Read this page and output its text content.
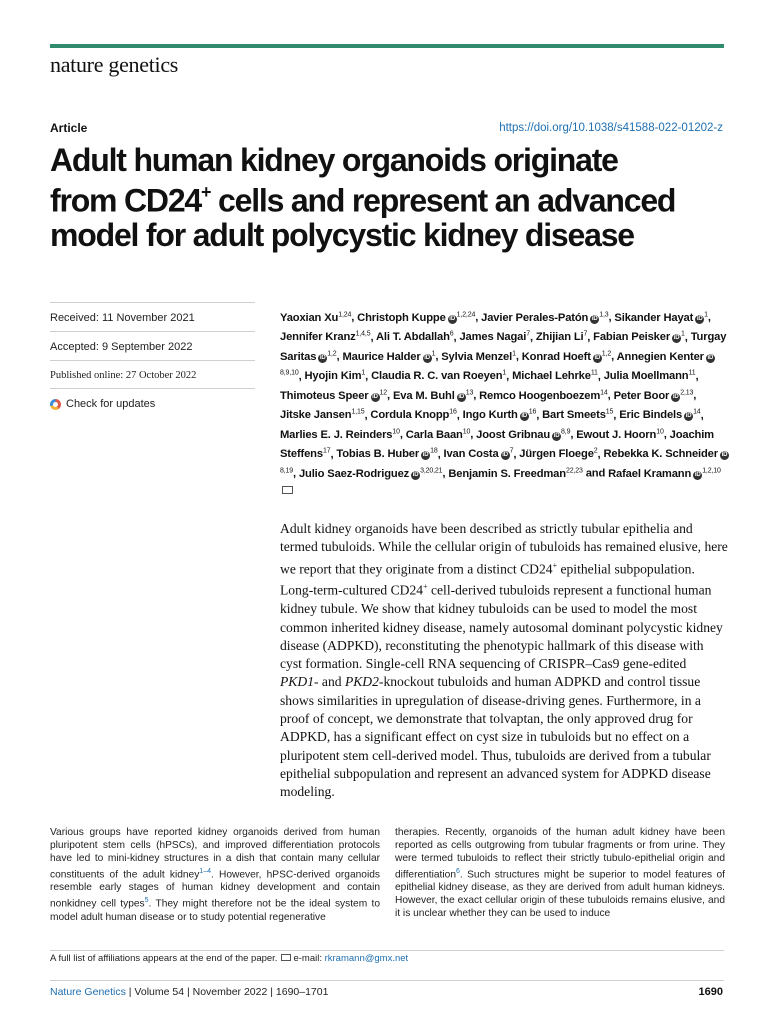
nature genetics
Article	https://doi.org/10.1038/s41588-022-01202-z
Adult human kidney organoids originate
from CD24+ cells and represent an advanced
model for adult polycystic kidney disease
Received: 11 November 2021
Accepted: 9 September 2022
Published online: 27 October 2022
Check for updates
Yaoxian Xu$^{1,24}$, Christoph Kuppe iD$^{1,2,24}$, Javier Perales-Patón iD$^{1,3}$, Sikander Hayat $iD^1$, Jennifer Kranz$^{1,4,5}$, Ali T. Abdallah$^6$, James Nagai$^7$, Zhijian Li$^7$, Fabian Peisker $iD^1$, Turgay Saritas iD$^{1,2}$, Maurice Halder $iD^1$, Sylvia Menzel$^1$, Konrad Hoeft iD$^{1,2}$, Annegien Kenter iD$^{8,9,10}$, Hyojin Kim$^1$, Claudia R. C. van Roeyen$^1$, Michael Lehrke$^{11}$, Julia Moellmann$^{11}$, Thimoteus Speer $iD^{12}$, Eva M. Buhl $iD^{13}$, Remco Hoogenboezem$^{14}$, Peter Boor iD$^{2,13}$, Jitske Jansen$^{1,15}$, Cordula Knopp$^{16}$, Ingo Kurth $iD^{16}$, Bart Smeets$^{15}$, Eric Bindels $iD^{14}$, Marlies E. J. Reinders$^{10}$, Carla Baan$^{10}$, Joost Gribnau iD$^{8,9}$, Ewout J. Hoorn$^{10}$, Joachim Steffens$^{17}$, Tobias B. Huber $iD^{18}$, Ivan Costa $iD^7$, Jürgen Floege$^2$, Rebekka K. Schneider iD$^{8,19}$, Julio Saez-Rodriguez iD$^{3,20,21}$, Benjamin S. Freedman$^{22,23}$ and Rafael Kramann iD$^{1,2,10}$
Adult kidney organoids have been described as strictly tubular epithelia and termed tubuloids. While the cellular origin of tubuloids has remained elusive, here we report that they originate from a distinct CD24+ epithelial subpopulation. Long-term-cultured CD24+ cell-derived tubuloids represent a functional human kidney tubule. We show that kidney tubuloids can be used to model the most common inherited kidney disease, namely autosomal dominant polycystic kidney disease (ADPKD), reconstituting the phenotypic hallmark of this disease with cyst formation. Single-cell RNA sequencing of CRISPR–Cas9 gene-edited PKD1- and PKD2-knockout tubuloids and human ADPKD and control tissue shows similarities in upregulation of disease-driving genes. Furthermore, in a proof of concept, we demonstrate that tolvaptan, the only approved drug for ADPKD, has a significant effect on cyst size in tubuloids but no effect on a pluripotent stem cell-derived model. Thus, tubuloids are derived from a tubular epithelial subpopulation and represent an advanced system for ADPKD disease modeling.
Various groups have reported kidney organoids derived from human pluripotent stem cells (hPSCs), and improved differentiation protocols have led to mini-kidney structures in a dish that contain many cellular constituents of the adult kidney$^{1-4}$. However, hPSC-derived organoids resemble early stages of human kidney development and contain nonkidney cell types$^5$. They might therefore not be the ideal system to model adult human disease or to study potential regenerative
therapies. Recently, organoids of the human adult kidney have been reported as cells outgrowing from tubular fragments or from urine. They were termed tubuloids to reflect their strictly tubulo-epithelial origin and differentiation$^6$. Such structures might be superior to model features of epithelial kidney disease, as they are derived from adult human kidneys. However, the exact cellular origin of these tubuloids remains elusive, and it is unclear whether they can be used to induce
A full list of affiliations appears at the end of the paper. e-mail: rkramann@gmx.net
Nature Genetics | Volume 54 | November 2022 | 1690–1701	1690
